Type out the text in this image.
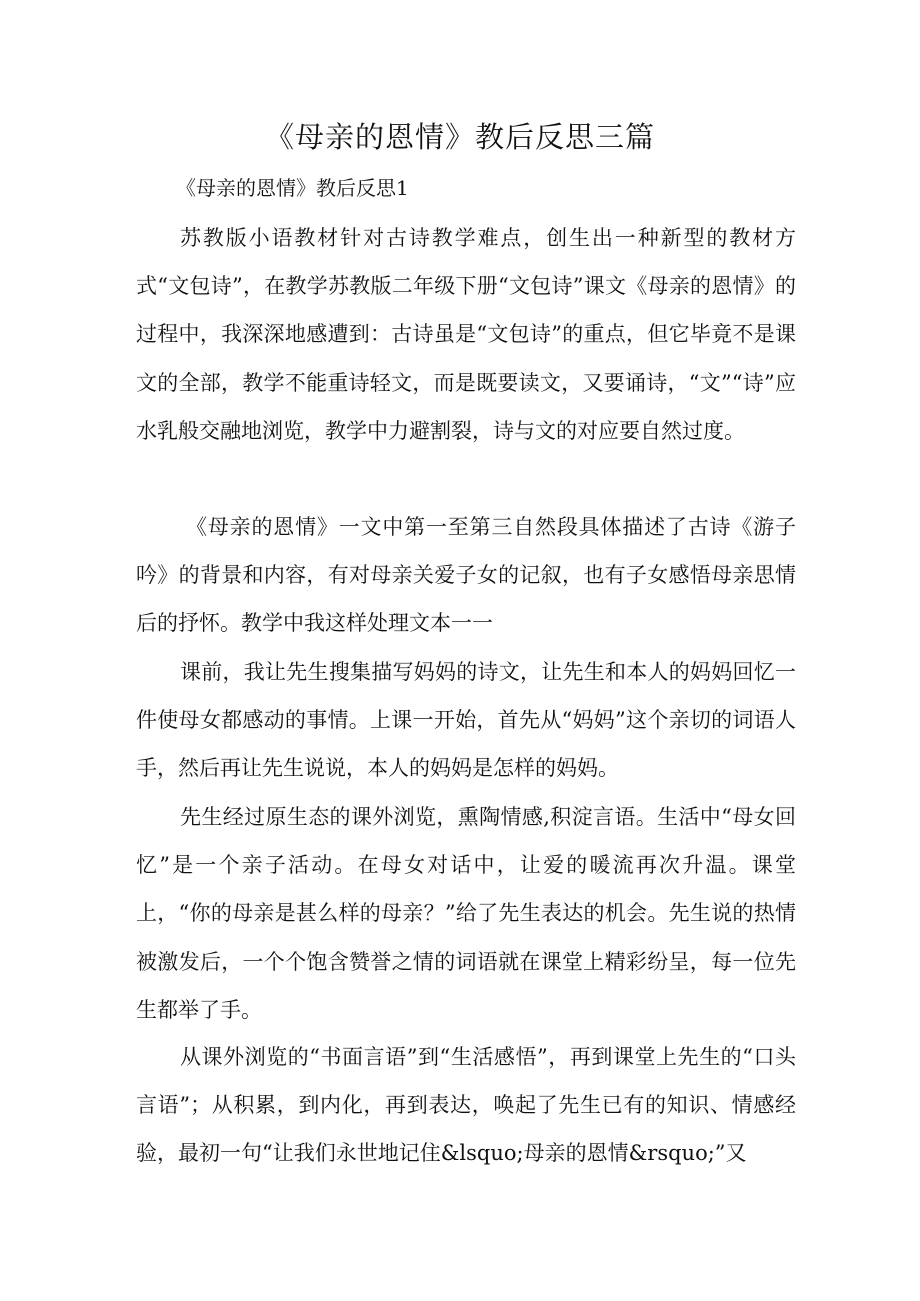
《母亲的恩情》教后反思三篇

《母亲的恩情》教后反思1

苏教版小语教材针对古诗教学难点，创生出一种新型的教材方式“文包诗”，在教学苏教版二年级下册“文包诗”课文《母亲的恩情》的过程中，我深深地感遭到：古诗虽是“文包诗”的重点，但它毕竟不是课文的全部，教学不能重诗轻文，而是既要读文，又要诵诗，“文”“诗”应水乳般交融地浏览，教学中力避割裂，诗与文的对应要自然过度。

《母亲的恩情》一文中第一至第三自然段具体描述了古诗《游子吟》的背景和内容，有对母亲关爱子女的记叙，也有子女感悟母亲思情后的抒怀。教学中我这样处理文本一一

课前，我让先生搜集描写妈妈的诗文，让先生和本人的妈妈回忆一件使母女都感动的事情。上课一开始，首先从“妈妈”这个亲切的词语人手，然后再让先生说说，本人的妈妈是怎样的妈妈。

先生经过原生态的课外浏览，熏陶情感,积淀言语。生活中“母女回忆”是一个亲子活动。在母女对话中，让爱的暖流再次升温。课堂上，“你的母亲是甚么样的母亲？”给了先生表达的机会。先生说的热情被激发后，一个个饱含赞誉之情的词语就在课堂上精彩纷呈，每一位先生都举了手。

从课外浏览的“书面言语”到“生活感悟”，再到课堂上先生的“口头言语”；从积累，到内化，再到表达，唤起了先生已有的知识、情感经验，最初一句“让我们永世地记住&lsquo;母亲的恩情&rsquo;”又
